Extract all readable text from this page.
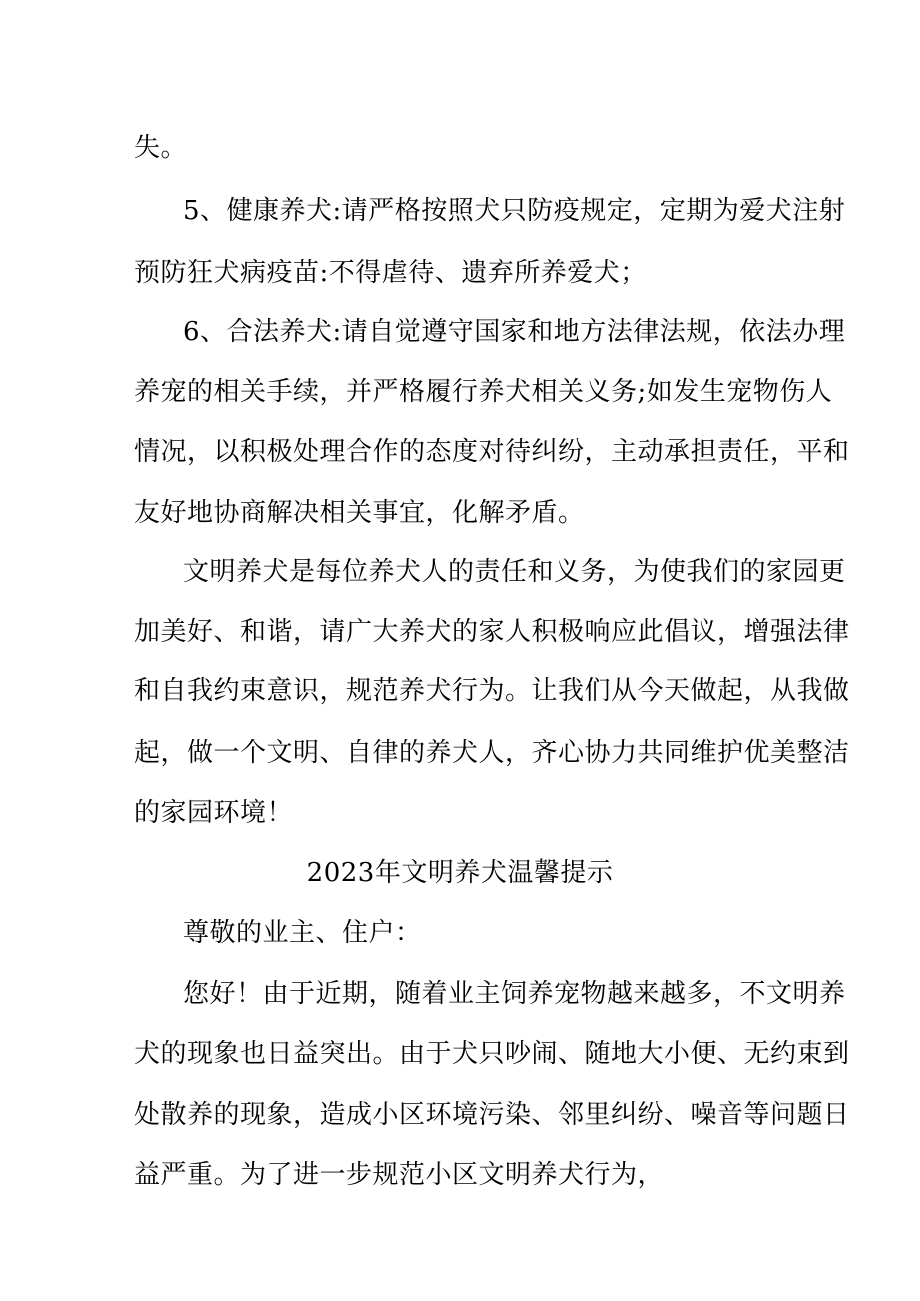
失。
5、健康养犬:请严格按照犬只防疫规定，定期为爱犬注射
预防狂犬病疫苗:不得虐待、遗弃所养爱犬；
6、合法养犬:请自觉遵守国家和地方法律法规，依法办理
养宠的相关手续，并严格履行养犬相关义务;如发生宠物伤人
情况，以积极处理合作的态度对待纠纷，主动承担责任，平和
友好地协商解决相关事宜，化解矛盾。
文明养犬是每位养犬人的责任和义务，为使我们的家园更
加美好、和谐，请广大养犬的家人积极响应此倡议，增强法律
和自我约束意识，规范养犬行为。让我们从今天做起，从我做
起，做一个文明、自律的养犬人，齐心协力共同维护优美整洁
的家园环境！
2023年文明养犬温馨提示
尊敬的业主、住户：
您好！由于近期，随着业主饲养宠物越来越多，不文明养
犬的现象也日益突出。由于犬只吵闹、随地大小便、无约束到
处散养的现象，造成小区环境污染、邻里纠纷、噪音等问题日
益严重。为了进一步规范小区文明养犬行为，
